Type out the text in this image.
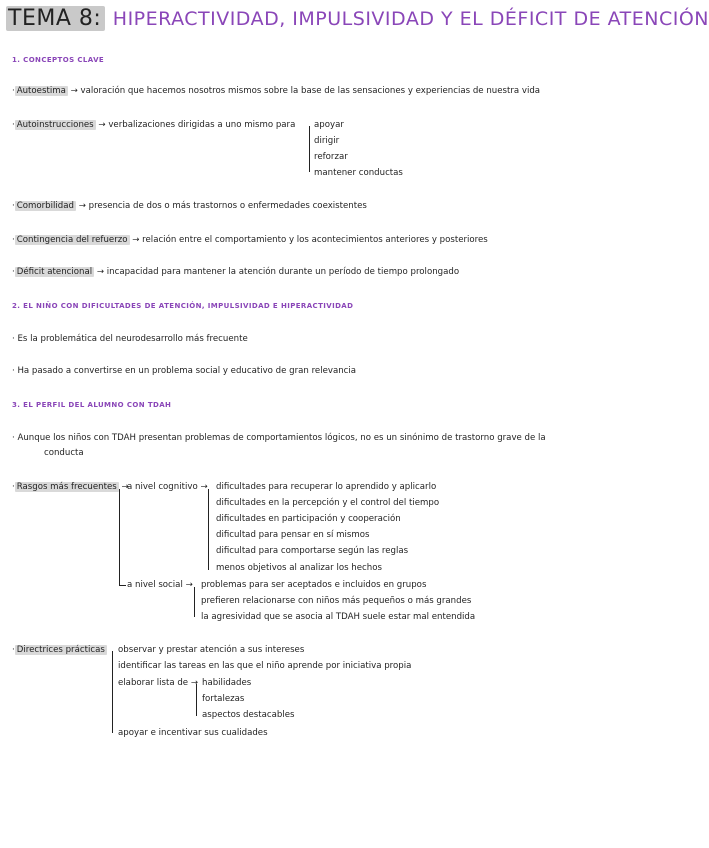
TEMA 8: HIPERACTIVIDAD, IMPULSIVIDAD Y EL DÉFICIT DE ATENCIÓN
1. CONCEPTOS CLAVE
· Autoestima → valoración que hacemos nosotros mismos sobre la base de las sensaciones y experiencias de nuestra vida
· Autoinstrucciones → verbalizaciones dirigidas a uno mismo para apoyar
dirigir
reforzar
mantener conductas
· Comorbilidad → presencia de dos o más trastornos o enfermedades coexistentes
· Contingencia del refuerzo → relación entre el comportamiento y los acontecimientos anteriores y posteriores
· Déficit atencional → incapacidad para mantener la atención durante un período de tiempo prolongado
2. EL NIÑO CON DIFICULTADES DE ATENCIÓN, IMPULSIVIDAD E HIPERACTIVIDAD
· Es la problemática del neurodesarrollo más frecuente
· Ha pasado a convertirse en un problema social y educativo de gran relevancia
3. EL PERFIL DEL ALUMNO CON TDAH
· Aunque los niños con TDAH presentan problemas de comportamientos lógicos, no es un sinónimo de trastorno grave de la
conducta
· Rasgos más frecuentes →
a nivel cognitivo → dificultades para recuperar lo aprendido y aplicarlo
dificultades en la percepción y el control del tiempo
dificultades en participación y cooperación
dificultad para pensar en sí mismos
dificultad para comportarse según las reglas
menos objetivos al analizar los hechos
a nivel social → problemas para ser aceptados e incluidos en grupos
prefieren relacionarse con niños más pequeños o más grandes
la agresividad que se asocia al TDAH suele estar mal entendida
· Directrices prácticas observar y prestar atención a sus intereses
identificar las tareas en las que el niño aprende por iniciativa propia
elaborar lista de → habilidades
fortalezas
aspectos destacables
apoyar e incentivar sus cualidades
